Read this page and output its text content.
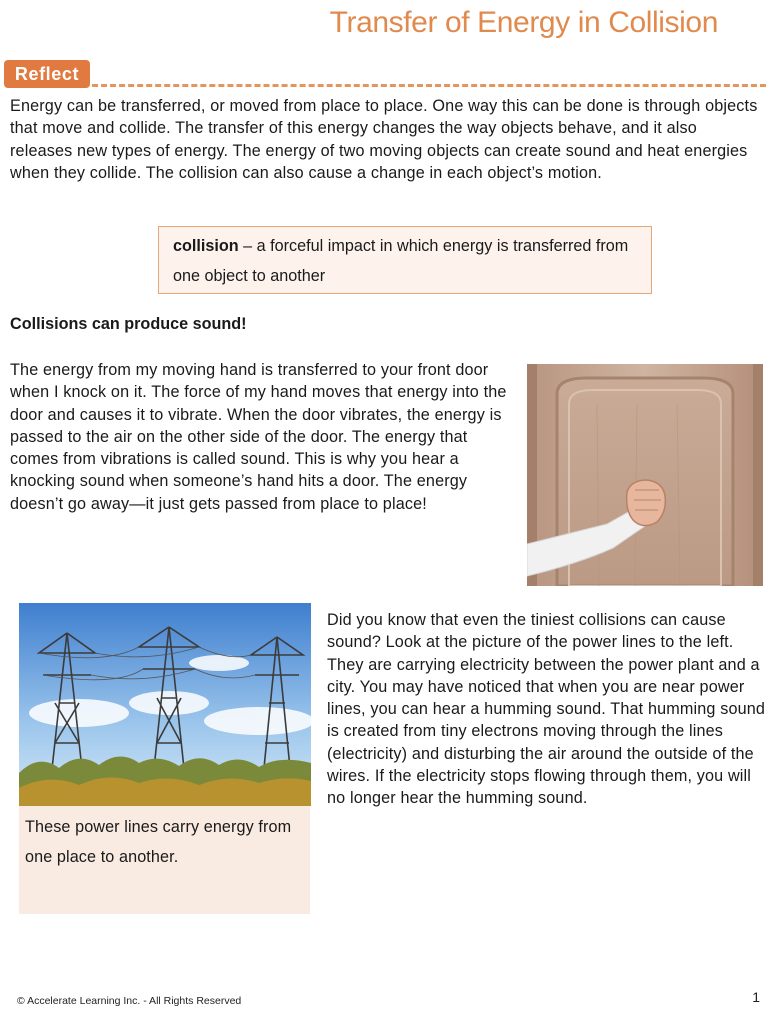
Transfer of Energy in Collision
Reflect

Energy can be transferred, or moved from place to place. One way this can be done is through objects that move and collide. The transfer of this energy changes the way objects behave, and it also releases new types of energy. The energy of two moving objects can create sound and heat energies when they collide. The collision can also cause a change in each object’s motion.

collision – a forceful impact in which energy is transferred from one object to another
Collisions can produce sound!

The energy from my moving hand is transferred to your front door when I knock on it. The force of my hand moves that energy into the door and causes it to vibrate. When the door vibrates, the energy is passed to the air on the other side of the door. The energy that comes from vibrations is called sound. This is why you hear a knocking sound when someone’s hand hits a door. The energy doesn’t go away—it just gets passed from place to place!

These power lines carry energy from one place to another.

Did you know that even the tiniest collisions can cause sound? Look at the picture of the power lines to the left. They are carrying electricity between the power plant and a city. You may have noticed that when you are near power lines, you can hear a humming sound. That humming sound is created from tiny electrons moving through the lines (electricity) and disturbing the air around the outside of the wires. If the electricity stops flowing through them, you will no longer hear the humming sound.

© Accelerate Learning Inc. - All Rights Reserved	1
